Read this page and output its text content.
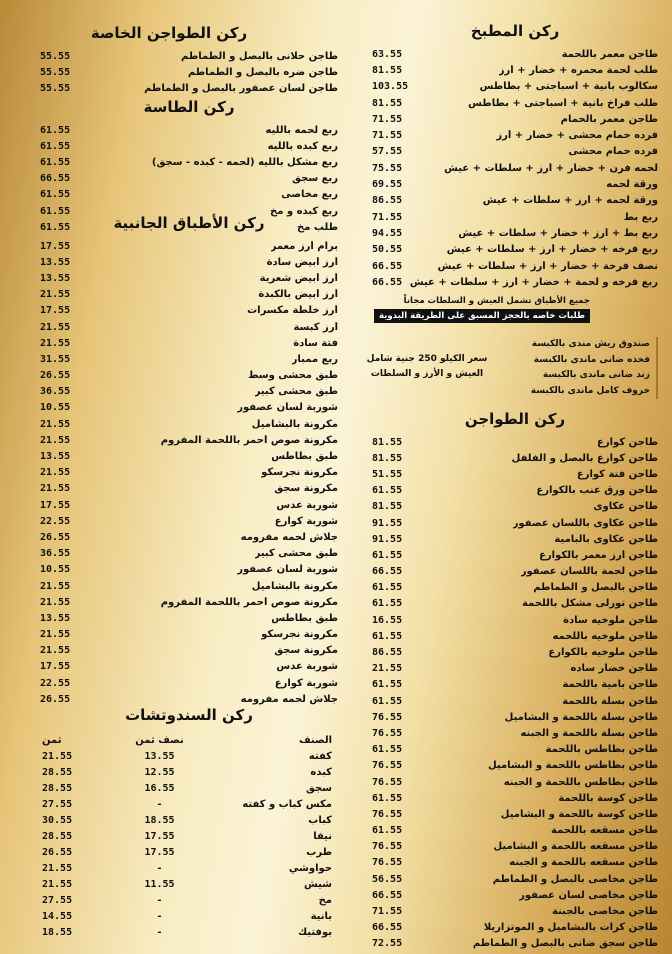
ركن المطبخ
طاجن معمر باللحمة
63.55
طلب لحمة محمره + خضار + أرز
81.55
سكالوب بانية + اسباجتى + بطاطس
103.55
طلب فراخ بانية + اسباجتى + بطاطس
81.55
طاجن معمر بالحمام
71.55
فرده حمام محشى + خضار + أرز
71.55
فرده حمام محشى
57.55
لحمه فرن + خضار + أرز + سلطات + عيش
75.55
ورقة لحمه
69.55
ورقة لحمه + أرز + سلطات + عيش
86.55
ربع بط
71.55
ربع بط + أرز + خضار + سلطات + عيش
94.55
ربع فرخه + خضار + أرز + سلطات + عيش
50.55
نصف فرخة + خضار + أرز + سلطات + عيش
66.55
ربع فرخه و لحمة + خضار + أرز + سلطات + عيش
66.55
جميع الأطباق تشمل العيش و السلطات مجاناً
طلبات خاصه بالحجز المسبق على الطريقة البدوية
صندوق ريش مندى بالكبسة
فخذه ضانى ماندى بالكبسة
زند ضانى ماندى بالكبسة
خروف كامل ماندى بالكبسة
سعر الكيلو 250 جنية شامل العيش و الأرز و السلطات
ركن الطواجن
طاجن كوارع
81.55
طاجن كوارع بالبصل و الفلفل
81.55
طاجن فتة كوارع
51.55
طاجن ورق عنب بالكوارع
61.55
طاجن عكاوى
81.55
طاجن عكاوى باللسان عصفور
91.55
طاجن عكاوى بالبامية
91.55
طاجن أرز معمر بالكوارع
61.55
طاجن لحمة باللسان عصفور
66.55
طاجن بالبصل و الطماطم
61.55
طاجن تورلى مشكل باللحمة
61.55
طاجن ملوخيه سادة
16.55
طاجن ملوخيه باللحمه
61.55
طاجن ملوخيه بالكوارع
86.55
طاجن خضار ساده
21.55
طاجن بامية باللحمة
61.55
طاجن بسلة باللحمة
61.55
طاجن بسلة باللحمة و البشاميل
76.55
طاجن بسلة باللحمة و الجبنه
76.55
طاجن بطاطس باللحمة
61.55
طاجن بطاطس باللحمة و البشاميل
76.55
طاجن بطاطس باللحمة و الجبنه
76.55
طاجن كوسة باللحمة
61.55
طاجن كوسة باللحمة و البشاميل
76.55
طاجن مسقعه باللحمة
61.55
طاجن مسقعه باللحمة و البشاميل
76.55
طاجن مسقعه باللحمة و الجبنه
76.55
طاجن مخاصى بالبصل و الطماطم
56.55
طاجن مخاصى لسان عصفور
66.55
طاجن مخاصى بالجبنة
71.55
طاجن كرات بالبشاميل و الموتزاريلا
66.55
طاجن سجق ضانى بالبصل و الطماطم
72.55
ركن الطواجن الخاصة
طاجن حلانى بالبصل و الطماطم
55.55
طاجن ضره بالبصل و الطماطم
55.55
طاجن لسان عصفور بالبصل و الطماطم
55.55
ركن الطاسة
ربع لحمه بالليه
61.55
ربع كبده بالليه
61.55
ربع مشكل بالليه (لحمه - كبده - سجق)
61.55
ربع سجق
66.55
ربع مخاصى
61.55
ربع كبده و مخ
61.55
طلب مخ
61.55	ركن الأطباق الجانبية
برام أرز معمر
17.55
أرز أبيض سادة
13.55
أرز أبيض شعرية
13.55
أرز أبيض بالكبدة
21.55
أرز خلطة مكسرات
17.55
أرز كبسة
21.55
فتة سادة
21.55
ربع ممبار
31.55
طبق محشى وسط
26.55
طبق محشى كبير
36.55
شوربة لسان عصفور
10.55
مكرونة بالبشاميل
21.55
مكرونة صوص أحمر باللحمة المفروم
21.55
طبق بطاطس
13.55
مكرونة نجرسكو
21.55
مكرونة سجق
21.55
شوربة عدس
17.55
شوربة كوارع
22.55
جلاش لحمه مفرومه
26.55
طبق محشى كبير
36.55
شوربة لسان عصفور
10.55
مكرونة بالبشاميل
21.55
مكرونة صوص أحمر باللحمة المفروم
21.55
طبق بطاطس
13.55
مكرونة نجرسكو
21.55
مكرونة سجق
21.55
شوربة عدس
17.55
شوربة كوارع
22.55
جلاش لحمه مفرومه
26.55
ركن السندوتشات
الصنف
نصف ثمن
ثمن
كفته
13.55
21.55
كبده
12.55
28.55
سجق
16.55
28.55
مكس كباب و كفته
-
27.55
كباب
18.55
30.55
نيفا
17.55
28.55
طرب
17.55
26.55
حواوشي
-
21.55
شيش
11.55
21.55
مخ
-
27.55
بانية
-
14.55
بوفتيك
-
18.55
